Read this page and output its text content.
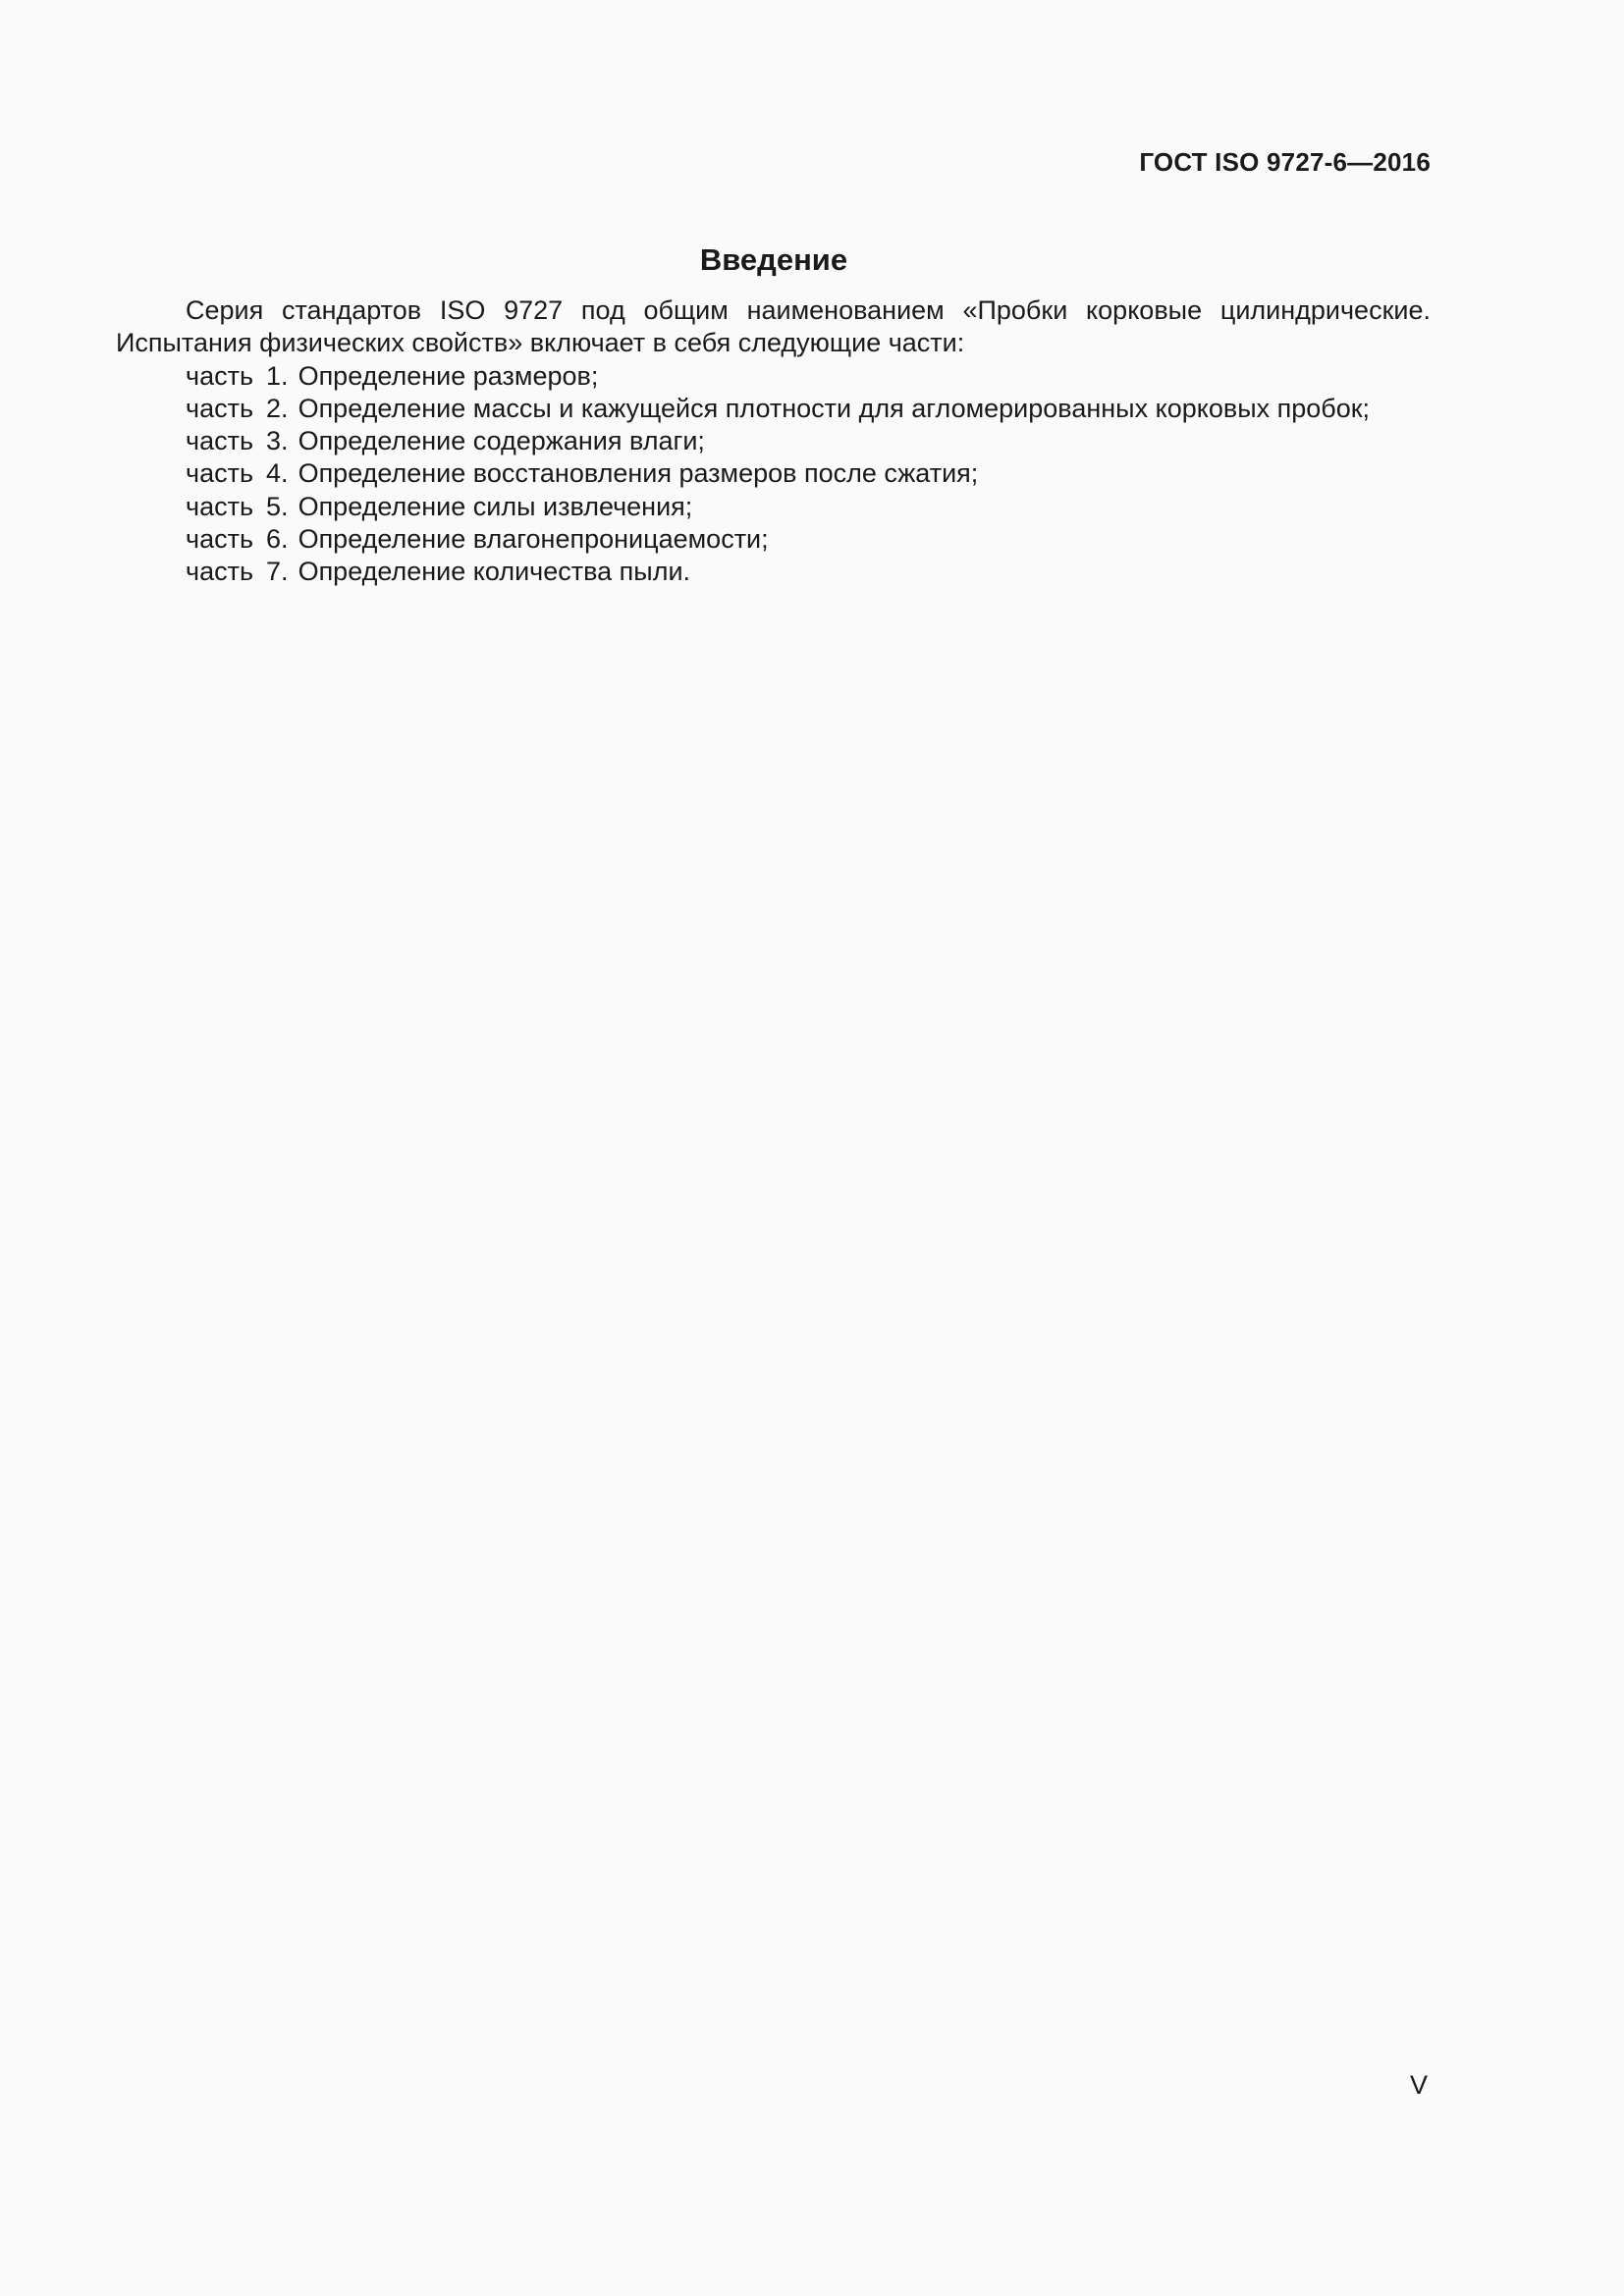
ГОСТ ISO 9727-6—2016
Введение

Серия стандартов ISO 9727 под общим наименованием «Пробки корковые цилиндрические. Испытания физических свойств» включает в себя следующие части:

часть 1. Определение размеров;
часть 2. Определение массы и кажущейся плотности для агломерированных корковых пробок;
часть 3. Определение содержания влаги;
часть 4. Определение восстановления размеров после сжатия;
часть 5. Определение силы извлечения;
часть 6. Определение влагонепроницаемости;
часть 7. Определение количества пыли.
V
